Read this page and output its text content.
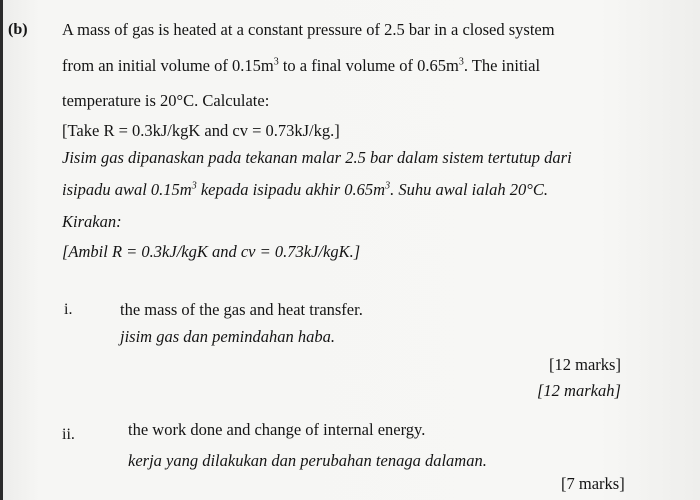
(b) A mass of gas is heated at a constant pressure of 2.5 bar in a closed system
from an initial volume of $0.15m^3$ to a final volume of $0.65m^3$. The initial
temperature is 20°C. Calculate:
[Take R = 0.3kJ/kgK and cv = 0.73kJ/kg.]
Jisim gas dipanaskan pada tekanan malar 2.5 bar dalam sistem tertutup dari
isipadu awal $0.15m^3$ kepada isipadu akhir $0.65m^3$. Suhu awal ialah 20°C.
Kirakan:
[Ambil R = 0.3kJ/kgK and cv = 0.73kJ/kgK.]
i.	the mass of the gas and heat transfer.
jisim gas dan pemindahan haba.
[12 marks]
[12 markah]
ii.	the work done and change of internal energy.
kerja yang dilakukan dan perubahan tenaga dalaman.
[7 marks]
